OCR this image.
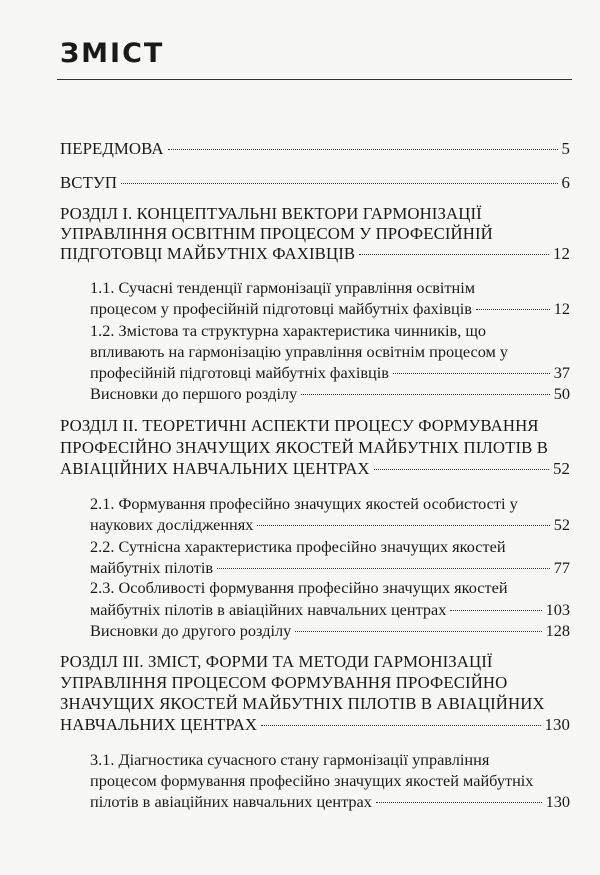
ЗМІСТ
ПЕРЕДМОВА	5
ВСТУП	6
РОЗДІЛ І. КОНЦЕПТУАЛЬНІ ВЕКТОРИ ГАРМОНІЗАЦІЇ
УПРАВЛІННЯ ОСВІТНІМ ПРОЦЕСОМ У ПРОФЕСІЙНІЙ
ПІДГОТОВЦІ МАЙБУТНІХ ФАХІВЦІВ	12
1.1. Сучасні тенденції гармонізації управління освітнім
процесом у професійній підготовці майбутніх фахівців	12
1.2. Змістова та структурна характеристика чинників, що
впливають на гармонізацію управління освітнім процесом у
професійній підготовці майбутніх фахівців	37
Висновки до першого розділу	50
РОЗДІЛ ІІ. ТЕОРЕТИЧНІ АСПЕКТИ ПРОЦЕСУ ФОРМУВАННЯ
ПРОФЕСІЙНО ЗНАЧУЩИХ ЯКОСТЕЙ МАЙБУТНІХ ПІЛОТІВ В
АВІАЦІЙНИХ НАВЧАЛЬНИХ ЦЕНТРАХ	52
2.1. Формування професійно значущих якостей особистості у
наукових дослідженнях	52
2.2. Сутнісна характеристика професійно значущих якостей
майбутніх пілотів	77
2.3. Особливості формування професійно значущих якостей
майбутніх пілотів в авіаційних навчальних центрах	103
Висновки до другого розділу	128
РОЗДІЛ ІІІ. ЗМІСТ, ФОРМИ ТА МЕТОДИ ГАРМОНІЗАЦІЇ
УПРАВЛІННЯ ПРОЦЕСОМ ФОРМУВАННЯ ПРОФЕСІЙНО
ЗНАЧУЩИХ ЯКОСТЕЙ МАЙБУТНІХ ПІЛОТІВ В АВІАЦІЙНИХ
НАВЧАЛЬНИХ ЦЕНТРАХ	130
3.1. Діагностика сучасного стану гармонізації управління
процесом формування професійно значущих якостей майбутніх
пілотів в авіаційних навчальних центрах	130
